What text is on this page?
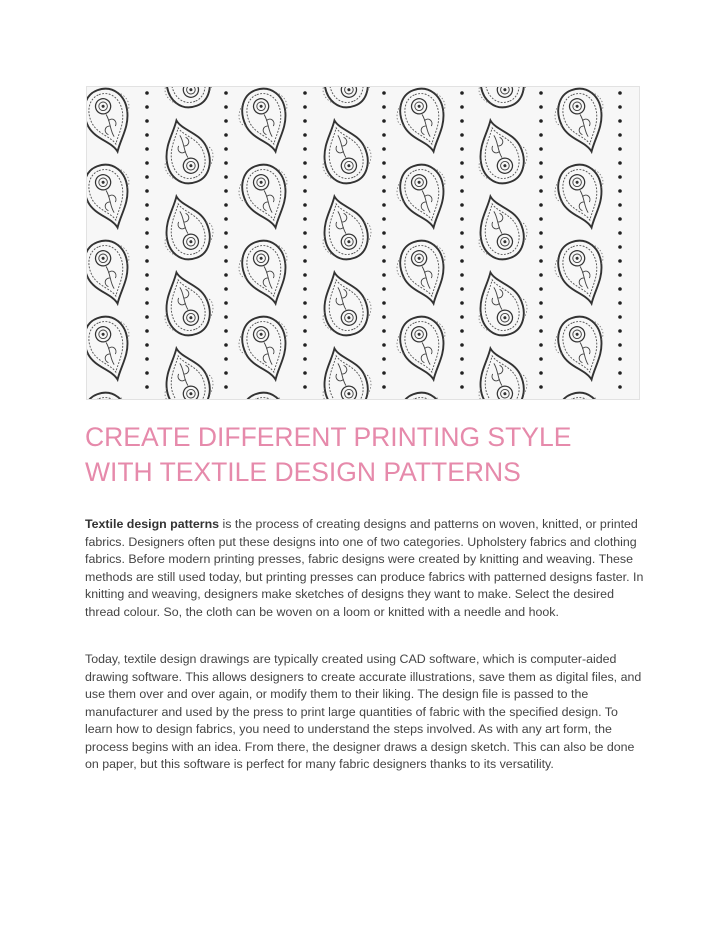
CREATE DIFFERENT PRINTING STYLE
WITH TEXTILE DESIGN PATTERNS

Textile design patterns is the process of creating designs and patterns on woven, knitted, or printed fabrics. Designers often put these designs into one of two categories. Upholstery fabrics and clothing fabrics. Before modern printing presses, fabric designs were created by knitting and weaving. These methods are still used today, but printing presses can produce fabrics with patterned designs faster. In knitting and weaving, designers make sketches of designs they want to make. Select the desired thread colour. So, the cloth can be woven on a loom or knitted with a needle and hook.

Today, textile design drawings are typically created using CAD software, which is computer-aided drawing software. This allows designers to create accurate illustrations, save them as digital files, and use them over and over again, or modify them to their liking. The design file is passed to the manufacturer and used by the press to print large quantities of fabric with the specified design. To learn how to design fabrics, you need to understand the steps involved. As with any art form, the process begins with an idea. From there, the designer draws a design sketch. This can also be done on paper, but this software is perfect for many fabric designers thanks to its versatility.
